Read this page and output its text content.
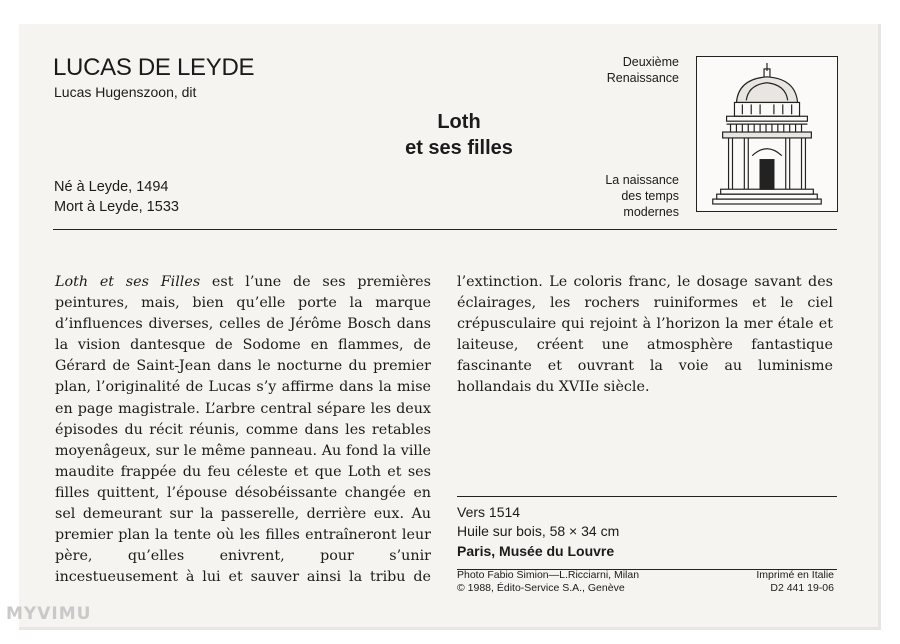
LUCAS DE LEYDE
Lucas Hugenszoon, dit
Loth
et ses filles
Né à Leyde, 1494
Mort à Leyde, 1533
Deuxième
Renaissance
La naissance
des temps
modernes
Loth et ses Filles est l’une de ses premières peintures, mais, bien qu’elle porte la marque d’influences diverses, celles de Jérôme Bosch dans la vision dantesque de Sodome en flammes, de Gérard de Saint-Jean dans le nocturne du premier plan, l’originalité de Lucas s’y affirme dans la mise en page magistrale. L’arbre central sépare les deux épisodes du récit réunis, comme dans les retables moyenâgeux, sur le même panneau. Au fond la ville maudite frappée du feu céleste et que Loth et ses filles quittent, l’épouse désobéissante changée en sel demeurant sur la passerelle, derrière eux. Au premier plan la tente où les filles entraîneront leur père, qu’elles enivrent, pour s’unir incestueusement à lui et sauver ainsi la tribu de l’extinction. Le coloris franc, le dosage savant des éclairages, les rochers ruiniformes et le ciel crépusculaire qui rejoint à l’horizon la mer étale et laiteuse, créent une atmosphère fantastique fascinante et ouvrant la voie au luminisme hollandais du XVIIe siècle.
Vers 1514
Huile sur bois, 58 × 34 cm
Paris, Musée du Louvre
Photo Fabio Simion—L.Ricciarni, Milan
© 1988, Édito-Service S.A., Genève
Imprimé en Italie
D2 441 19-06
MYVIMU
